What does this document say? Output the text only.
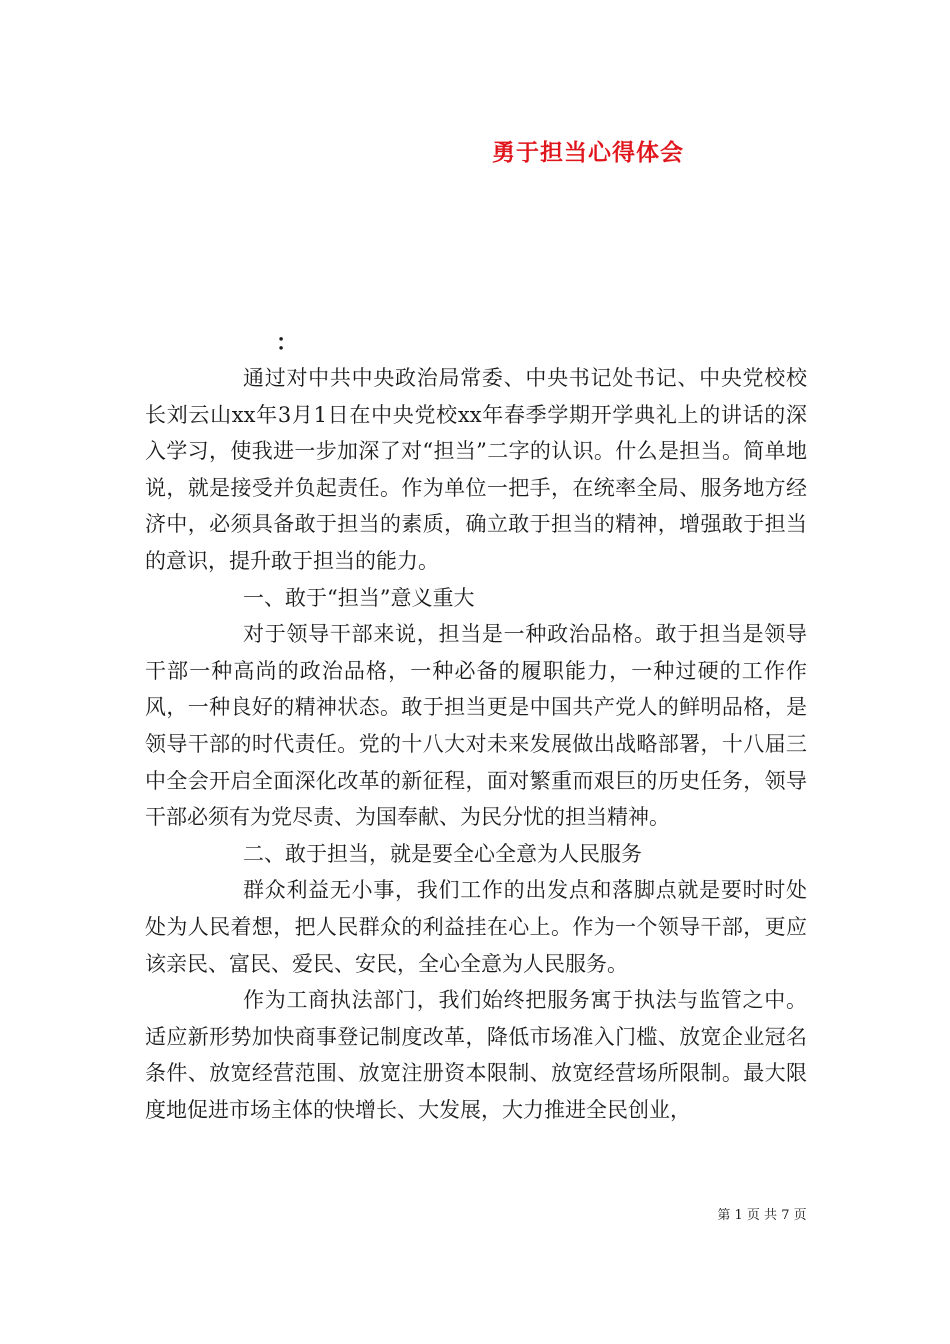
勇于担当心得体会
：

通过对中共中央政治局常委、中央书记处书记、中央党校校长刘云山xx年3月1日在中央党校xx年春季学期开学典礼上的讲话的深入学习，使我进一步加深了对“担当”二字的认识。什么是担当。简单地说，就是接受并负起责任。作为单位一把手，在统率全局、服务地方经济中，必须具备敢于担当的素质，确立敢于担当的精神，增强敢于担当的意识，提升敢于担当的能力。

一、敢于“担当”意义重大

对于领导干部来说，担当是一种政治品格。敢于担当是领导干部一种高尚的政治品格，一种必备的履职能力，一种过硬的工作作风，一种良好的精神状态。敢于担当更是中国共产党人的鲜明品格，是领导干部的时代责任。党的十八大对未来发展做出战略部署，十八届三中全会开启全面深化改革的新征程，面对繁重而艰巨的历史任务，领导干部必须有为党尽责、为国奉献、为民分忧的担当精神。

二、敢于担当，就是要全心全意为人民服务

群众利益无小事，我们工作的出发点和落脚点就是要时时处处为人民着想，把人民群众的利益挂在心上。作为一个领导干部，更应该亲民、富民、爱民、安民，全心全意为人民服务。

作为工商执法部门，我们始终把服务寓于执法与监管之中。适应新形势加快商事登记制度改革，降低市场准入门槛、放宽企业冠名条件、放宽经营范围、放宽注册资本限制、放宽经营场所限制。最大限度地促进市场主体的快增长、大发展，大力推进全民创业，

第 1 页 共 7 页
